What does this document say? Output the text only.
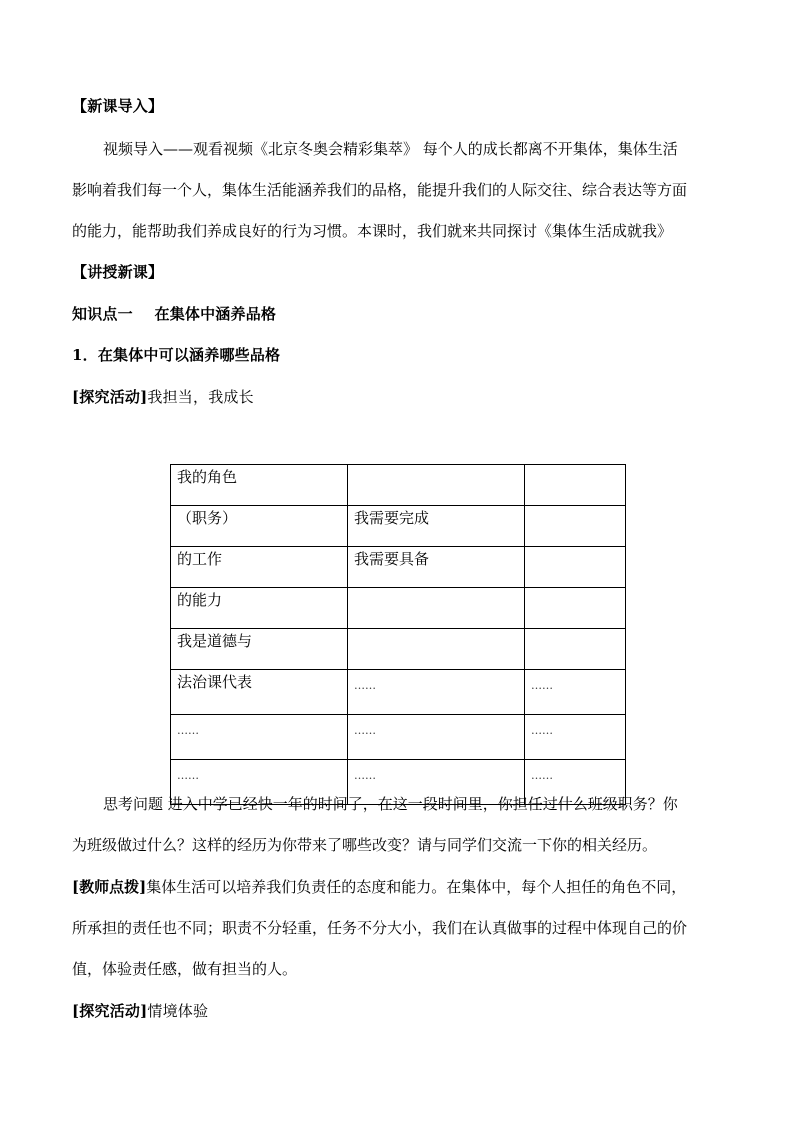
【新课导入】
视频导入——观看视频《北京冬奥会精彩集萃》 每个人的成长都离不开集体，集体生活
影响着我们每一个人，集体生活能涵养我们的品格，能提升我们的人际交往、综合表达等方面
的能力，能帮助我们养成良好的行为习惯。本课时，我们就来共同探讨《集体生活成就我》
【讲授新课】
知识点一    在集体中涵养品格
1．在集体中可以涵养哪些品格
[探究活动]我担当，我成长
我的角色		
（职务）	我需要完成	
的工作	我需要具备	
的能力		
我是道德与		
法治课代表	……	……
……	……	……
……	……	……
思考问题 进入中学已经快一年的时间了，在这一段时间里，你担任过什么班级职务？你
为班级做过什么？这样的经历为你带来了哪些改变？请与同学们交流一下你的相关经历。
[教师点拨]集体生活可以培养我们负责任的态度和能力。在集体中，每个人担任的角色不同，
所承担的责任也不同；职责不分轻重，任务不分大小，我们在认真做事的过程中体现自己的价
值，体验责任感，做有担当的人。
[探究活动]情境体验
